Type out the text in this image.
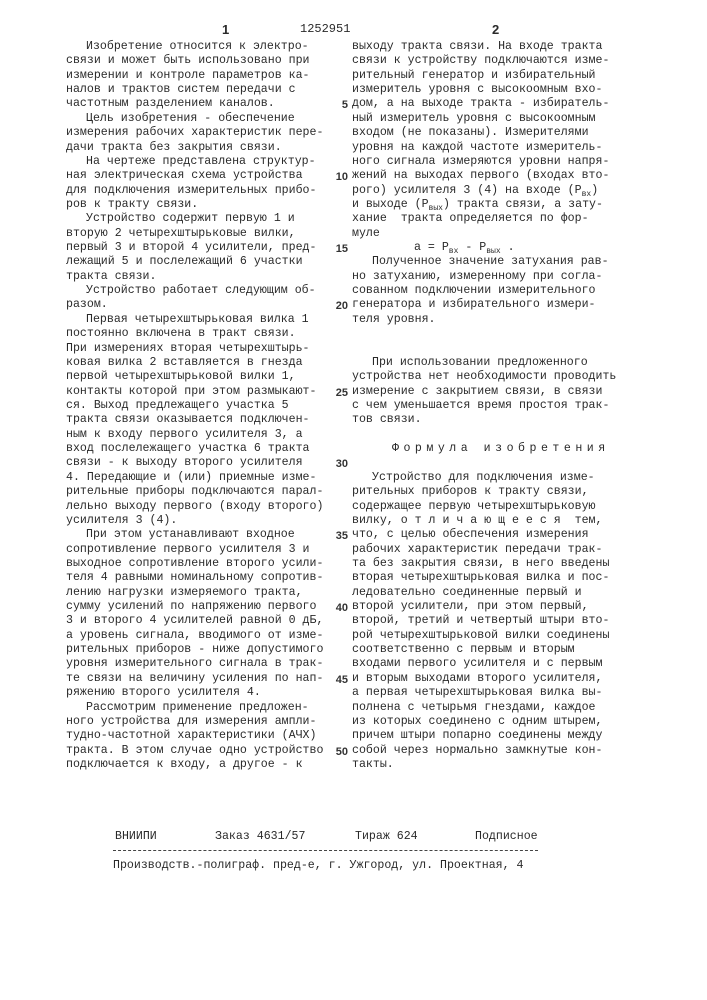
1	1252951	2
Изобретение относится к электро-
связи и может быть использовано при
измерении и контроле параметров ка-
налов и трактов систем передачи с
частотным разделением каналов.
Цель изобретения - обеспечение
измерения рабочих характеристик пере-
дачи тракта без закрытия связи.
На чертеже представлена структур-
ная электрическая схема устройства
для подключения измерительных прибо-
ров к тракту связи.
Устройство содержит первую 1 и
вторую 2 четырехштырьковые вилки,
первый 3 и второй 4 усилители, пред-
лежащий 5 и послележащий 6 участки
тракта связи.
Устройство работает следующим об-
разом.
Первая четырехштырьковая вилка 1
постоянно включена в тракт связи.
При измерениях вторая четырехштырь-
ковая вилка 2 вставляется в гнезда
первой четырехштырьковой вилки 1,
контакты которой при этом размыкают-
ся. Выход предлежащего участка 5
тракта связи оказывается подключен-
ным к входу первого усилителя 3, а
вход послележащего участка 6 тракта
связи - к выходу второго усилителя
4. Передающие и (или) приемные изме-
рительные приборы подключаются парал-
лельно выходу первого (входу второго)
усилителя 3 (4).
При этом устанавливают входное
сопротивление первого усилителя 3 и
выходное сопротивление второго усили-
теля 4 равными номинальному сопротив-
лению нагрузки измеряемого тракта,
сумму усилений по напряжению первого
3 и второго 4 усилителей равной 0 дБ,
а уровень сигнала, вводимого от изме-
рительных приборов - ниже допустимого
уровня измерительного сигнала в трак-
те связи на величину усиления по нап-
ряжению второго усилителя 4.
Рассмотрим применение предложен-
ного устройства для измерения ампли-
тудно-частотной характеристики (АЧХ)
тракта. В этом случае одно устройство
подключается к входу, а другое - к
выходу тракта связи. На входе тракта
связи к устройству подключаются изме-
рительный генератор и избирательный
измеритель уровня с высокоомным вхо-
5 дом, а на выходе тракта - избиратель-
ный измеритель уровня с высокоомным
входом (не показаны). Измерителями
уровня на каждой частоте измеритель-
ного сигнала измеряются уровни напря-
10 жений на выходах первого (входах вто-
рого) усилителя 3 (4) на входе (Pвх)
и выходе (Pвых) тракта связи, а зату-
хание  тракта определяется по фор-
муле
15	a = Pвх - Pвых .
Полученное значение затухания рав-
но затуханию, измеренному при согла-
сованном подключении измерительного
20 генератора и избирательного измери-
теля уровня.
При использовании предложенного
устройства нет необходимости проводить
25 измерение с закрытием связи, в связи
с чем уменьшается время простоя трак-
тов связи.
Формула изобретения
30
Устройство для подключения изме-
рительных приборов к тракту связи,
содержащее первую четырехштырьковую
вилку, о т л и ч а ю щ е е с я  тем,
35 что, с целью обеспечения измерения
рабочих характеристик передачи трак-
та без закрытия связи, в него введены
вторая четырехштырьковая вилка и пос-
ледовательно соединенные первый и
40 второй усилители, при этом первый,
второй, третий и четвертый штыри вто-
рой четырехштырьковой вилки соединены
соответственно с первым и вторым
входами первого усилителя и с первым
45 и вторым выходами второго усилителя,
а первая четырехштырьковая вилка вы-
полнена с четырьмя гнездами, каждое
из которых соединено с одним штырем,
причем штыри попарно соединены между
50 собой через нормально замкнутые кон-
такты.
ВНИИПИ	Заказ 4631/57	Тираж 624	Подписное
Производств.-полиграф. пред-е, г. Ужгород, ул. Проектная, 4
